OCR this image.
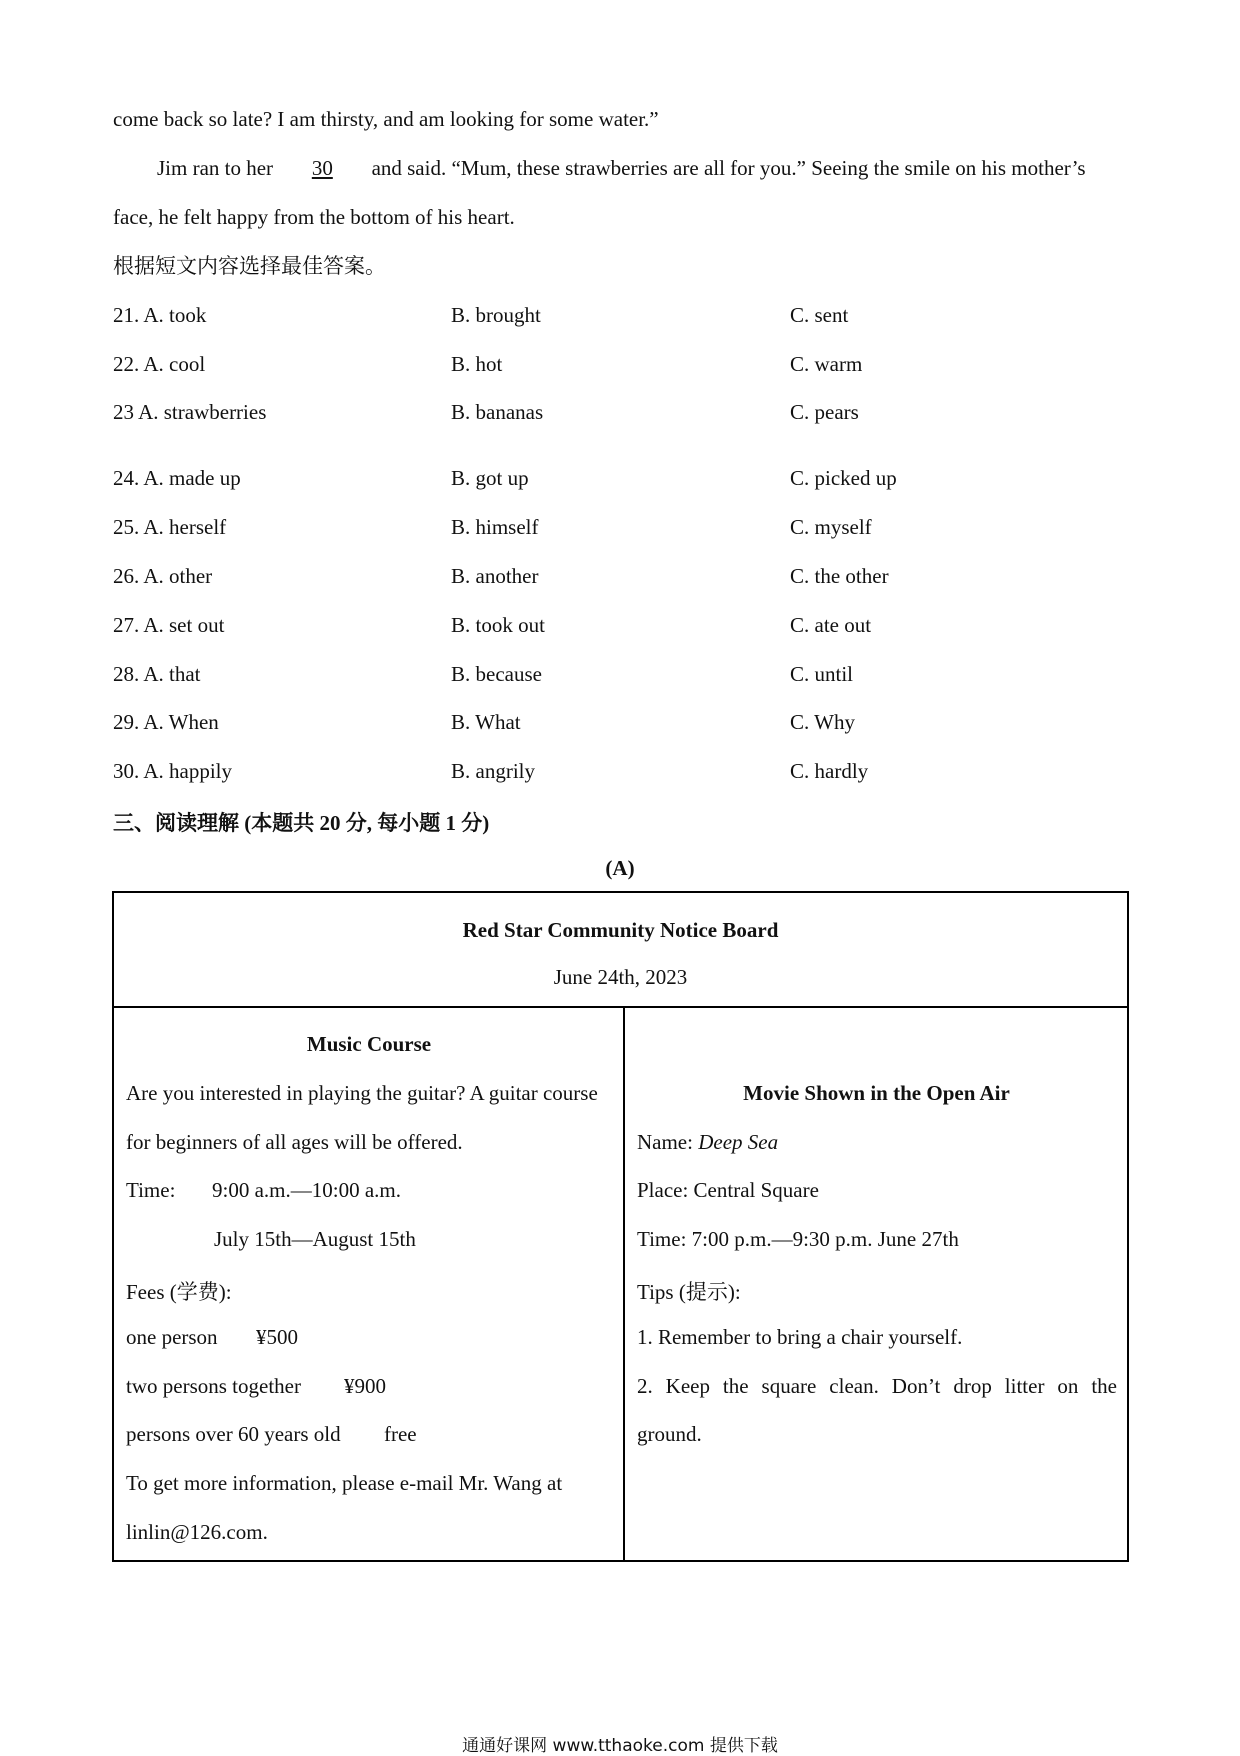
come back so late? I am thirsty, and am looking for some water.”
Jim ran to her 30 and said. “Mum, these strawberries are all for you.” Seeing the smile on his mother’s
face, he felt happy from the bottom of his heart.
根据短文内容选择最佳答案。
21. A. took	B. brought	C. sent
22. A. cool	B. hot	C. warm
23 A. strawberries	B. bananas	C. pears
24. A. made up	B. got up	C. picked up
25. A. herself	B. himself	C. myself
26. A. other	B. another	C. the other
27. A. set out	B. took out	C. ate out
28. A. that	B. because	C. until
29. A. When	B. What	C. Why
30. A. happily	B. angrily	C. hardly
三、阅读理解 (本题共 20 分, 每小题 1 分)
(A)
Red Star Community Notice Board
June 24th, 2023

Music Course
Are you interested in playing the guitar? A guitar course
for beginners of all ages will be offered.
Time: 9:00 a.m.—10:00 a.m.
July 15th—August 15th
Fees (学费):
one person ¥500
two persons together ¥900
persons over 60 years old free
To get more information, please e-mail Mr. Wang at
linlin@126.com.

Movie Shown in the Open Air
Name: Deep Sea
Place: Central Square
Time: 7:00 p.m.—9:30 p.m. June 27th
Tips (提示):
1. Remember to bring a chair yourself.
2. Keep the square clean. Don’t drop litter on the
ground.
通通好课网 www.tthaoke.com 提供下载
